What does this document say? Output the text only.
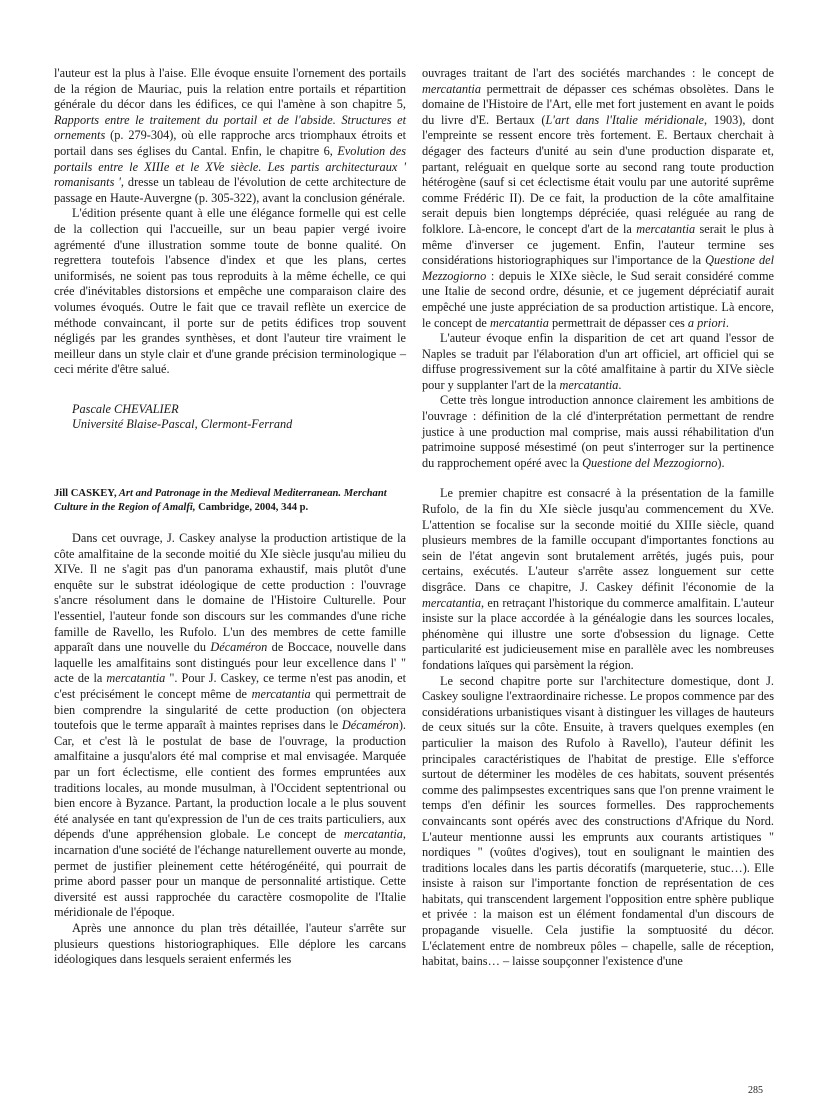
l'auteur est la plus à l'aise. Elle évoque ensuite l'ornement des portails de la région de Mauriac, puis la relation entre portails et répartition générale du décor dans les édifices, ce qui l'amène à son chapitre 5, Rapports entre le traitement du portail et de l'abside. Structures et ornements (p. 279-304), où elle rapproche arcs triomphaux étroits et portail dans ses églises du Cantal. Enfin, le chapitre 6, Evolution des portails entre le XIIIe et le XVe siècle. Les partis architecturaux ' romanisants ', dresse un tableau de l'évolution de cette architecture de passage en Haute-Auvergne (p. 305-322), avant la conclusion générale.

L'édition présente quant à elle une élégance formelle qui est celle de la collection qui l'accueille, sur un beau papier vergé ivoire agrémenté d'une illustration somme toute de bonne qualité. On regrettera toutefois l'absence d'index et que les plans, certes uniformisés, ne soient pas tous reproduits à la même échelle, ce qui crée d'inévitables distorsions et empêche une comparaison claire des volumes évoqués. Outre le fait que ce travail reflète un exercice de méthode convaincant, il porte sur de petits édifices trop souvent négligés par les grandes synthèses, et dont l'auteur tire vraiment le meilleur dans un style clair et d'une grande précision terminologique – ceci mérite d'être salué.

Pascale CHEVALIER
Université Blaise-Pascal, Clermont-Ferrand
Jill CASKEY, Art and Patronage in the Medieval Mediterranean. Merchant Culture in the Region of Amalfi, Cambridge, 2004, 344 p.

Dans cet ouvrage, J. Caskey analyse la production artistique de la côte amalfitaine de la seconde moitié du XIe siècle jusqu'au milieu du XIVe. Il ne s'agit pas d'un panorama exhaustif, mais plutôt d'une enquête sur le substrat idéologique de cette production : l'ouvrage s'ancre résolument dans le domaine de l'Histoire Culturelle. Pour l'essentiel, l'auteur fonde son discours sur les commandes d'une riche famille de Ravello, les Rufolo. L'un des membres de cette famille apparaît dans une nouvelle du Décaméron de Boccace, nouvelle dans laquelle les amalfitains sont distingués pour leur excellence dans l' " acte de la mercatantia ". Pour J. Caskey, ce terme n'est pas anodin, et c'est précisément le concept même de mercatantia qui permettrait de bien comprendre la singularité de cette production (on objectera toutefois que le terme apparaît à maintes reprises dans le Décaméron). Car, et c'est là le postulat de base de l'ouvrage, la production amalfitaine a jusqu'alors été mal comprise et mal envisagée. Marquée par un fort éclectisme, elle contient des formes empruntées aux traditions locales, au monde musulman, à l'Occident septentrional ou bien encore à Byzance. Partant, la production locale a le plus souvent été analysée en tant qu'expression de l'un de ces traits particuliers, aux dépends d'une appréhension globale. Le concept de mercatantia, incarnation d'une société de l'échange naturellement ouverte au monde, permet de justifier pleinement cette hétérogénéité, qui pourrait de prime abord passer pour un manque de personnalité artistique. Cette diversité est aussi rapprochée du caractère cosmopolite de l'Italie méridionale de l'époque.

Après une annonce du plan très détaillée, l'auteur s'arrête sur plusieurs questions historiographiques. Elle déplore les carcans idéologiques dans lesquels seraient enfermés les

ouvrages traitant de l'art des sociétés marchandes : le concept de mercatantia permettrait de dépasser ces schémas obsolètes. Dans le domaine de l'Histoire de l'Art, elle met fort justement en avant le poids du livre d'E. Bertaux (L'art dans l'Italie méridionale, 1903), dont l'empreinte se ressent encore très fortement. E. Bertaux cherchait à dégager des facteurs d'unité au sein d'une production disparate et, partant, reléguait en quelque sorte au second rang toute production hétérogène (sauf si cet éclectisme était voulu par une autorité suprême comme Frédéric II). De ce fait, la production de la côte amalfitaine serait depuis bien longtemps dépréciée, quasi reléguée au rang de folklore. Là-encore, le concept d'art de la mercatantia serait le plus à même d'inverser ce jugement. Enfin, l'auteur termine ses considérations historiographiques sur l'importance de la Questione del Mezzogiorno : depuis le XIXe siècle, le Sud serait considéré comme une Italie de second ordre, désunie, et ce jugement dépréciatif aurait empêché une juste appréciation de sa production artistique. Là encore, le concept de mercatantia permettrait de dépasser ces a priori.

L'auteur évoque enfin la disparition de cet art quand l'essor de Naples se traduit par l'élaboration d'un art officiel, art officiel qui se diffuse progressivement sur la côté amalfitaine à partir du XIVe siècle pour y supplanter l'art de la mercatantia.

Cette très longue introduction annonce clairement les ambitions de l'ouvrage : définition de la clé d'interprétation permettant de rendre justice à une production mal comprise, mais aussi réhabilitation d'un patrimoine supposé mésestimé (on peut s'interroger sur la pertinence du rapprochement opéré avec la Questione del Mezzogiorno).

Le premier chapitre est consacré à la présentation de la famille Rufolo, de la fin du XIe siècle jusqu'au commencement du XVe. L'attention se focalise sur la seconde moitié du XIIIe siècle, quand plusieurs membres de la famille occupant d'importantes fonctions au sein de l'état angevin sont brutalement arrêtés, jugés puis, pour certains, exécutés. L'auteur s'arrête assez longuement sur cette disgrâce. Dans ce chapitre, J. Caskey définit l'économie de la mercatantia, en retraçant l'historique du commerce amalfitain. L'auteur insiste sur la place accordée à la généalogie dans les sources locales, phénomène qui illustre une sorte d'obsession du lignage. Cette particularité est judicieusement mise en parallèle avec les nombreuses fondations laïques qui parsèment la région.

Le second chapitre porte sur l'architecture domestique, dont J. Caskey souligne l'extraordinaire richesse. Le propos commence par des considérations urbanistiques visant à distinguer les villages de hauteurs de ceux situés sur la côte. Ensuite, à travers quelques exemples (en particulier la maison des Rufolo à Ravello), l'auteur définit les principales caractéristiques de l'habitat de prestige. Elle s'efforce surtout de déterminer les modèles de ces habitats, souvent présentés comme des palimpsestes excentriques sans que l'on prenne vraiment le temps d'en définir les sources formelles. Des rapprochements convaincants sont opérés avec des constructions d'Afrique du Nord. L'auteur mentionne aussi les emprunts aux courants artistiques " nordiques " (voûtes d'ogives), tout en soulignant le maintien des traditions locales dans les partis décoratifs (marqueterie, stuc…). Elle insiste à raison sur l'importante fonction de représentation de ces habitats, qui transcendent largement l'opposition entre sphère publique et privée : la maison est un élément fondamental d'un discours de propagande visuelle. Cela justifie la somptuosité du décor. L'éclatement entre de nombreux pôles – chapelle, salle de réception, habitat, bains… – laisse soupçonner l'existence d'une

285
